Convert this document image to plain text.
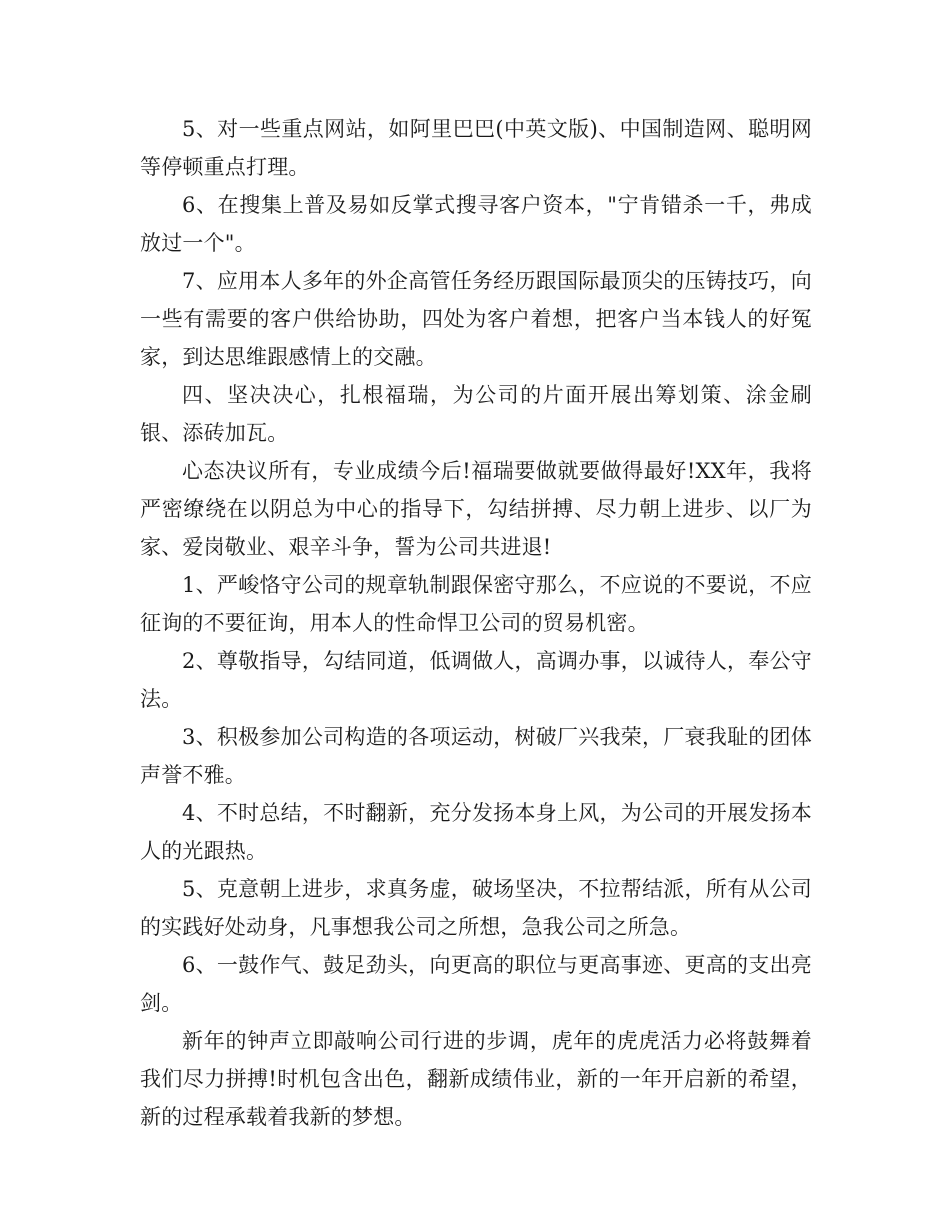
5、对一些重点网站，如阿里巴巴(中英文版)、中国制造网、聪明网等停顿重点打理。

6、在搜集上普及易如反掌式搜寻客户资本，"宁肯错杀一千，弗成放过一个"。

7、应用本人多年的外企高管任务经历跟国际最顶尖的压铸技巧，向一些有需要的客户供给协助，四处为客户着想，把客户当本钱人的好冤家，到达思维跟感情上的交融。

四、坚决决心，扎根福瑞，为公司的片面开展出筹划策、涂金刷银、添砖加瓦。

心态决议所有，专业成绩今后!福瑞要做就要做得最好!XX年，我将严密缭绕在以阴总为中心的指导下，勾结拼搏、尽力朝上进步、以厂为家、爱岗敬业、艰辛斗争，誓为公司共进退!

1、严峻恪守公司的规章轨制跟保密守那么，不应说的不要说，不应征询的不要征询，用本人的性命悍卫公司的贸易机密。

2、尊敬指导，勾结同道，低调做人，高调办事，以诚待人，奉公守法。

3、积极参加公司构造的各项运动，树破厂兴我荣，厂衰我耻的团体声誉不雅。

4、不时总结，不时翻新，充分发扬本身上风，为公司的开展发扬本人的光跟热。

5、克意朝上进步，求真务虚，破场坚决，不拉帮结派，所有从公司的实践好处动身，凡事想我公司之所想，急我公司之所急。

6、一鼓作气、鼓足劲头，向更高的职位与更高事迹、更高的支出亮剑。

新年的钟声立即敲响公司行进的步调，虎年的虎虎活力必将鼓舞着我们尽力拼搏!时机包含出色，翻新成绩伟业，新的一年开启新的希望，新的过程承载着我新的梦想。
